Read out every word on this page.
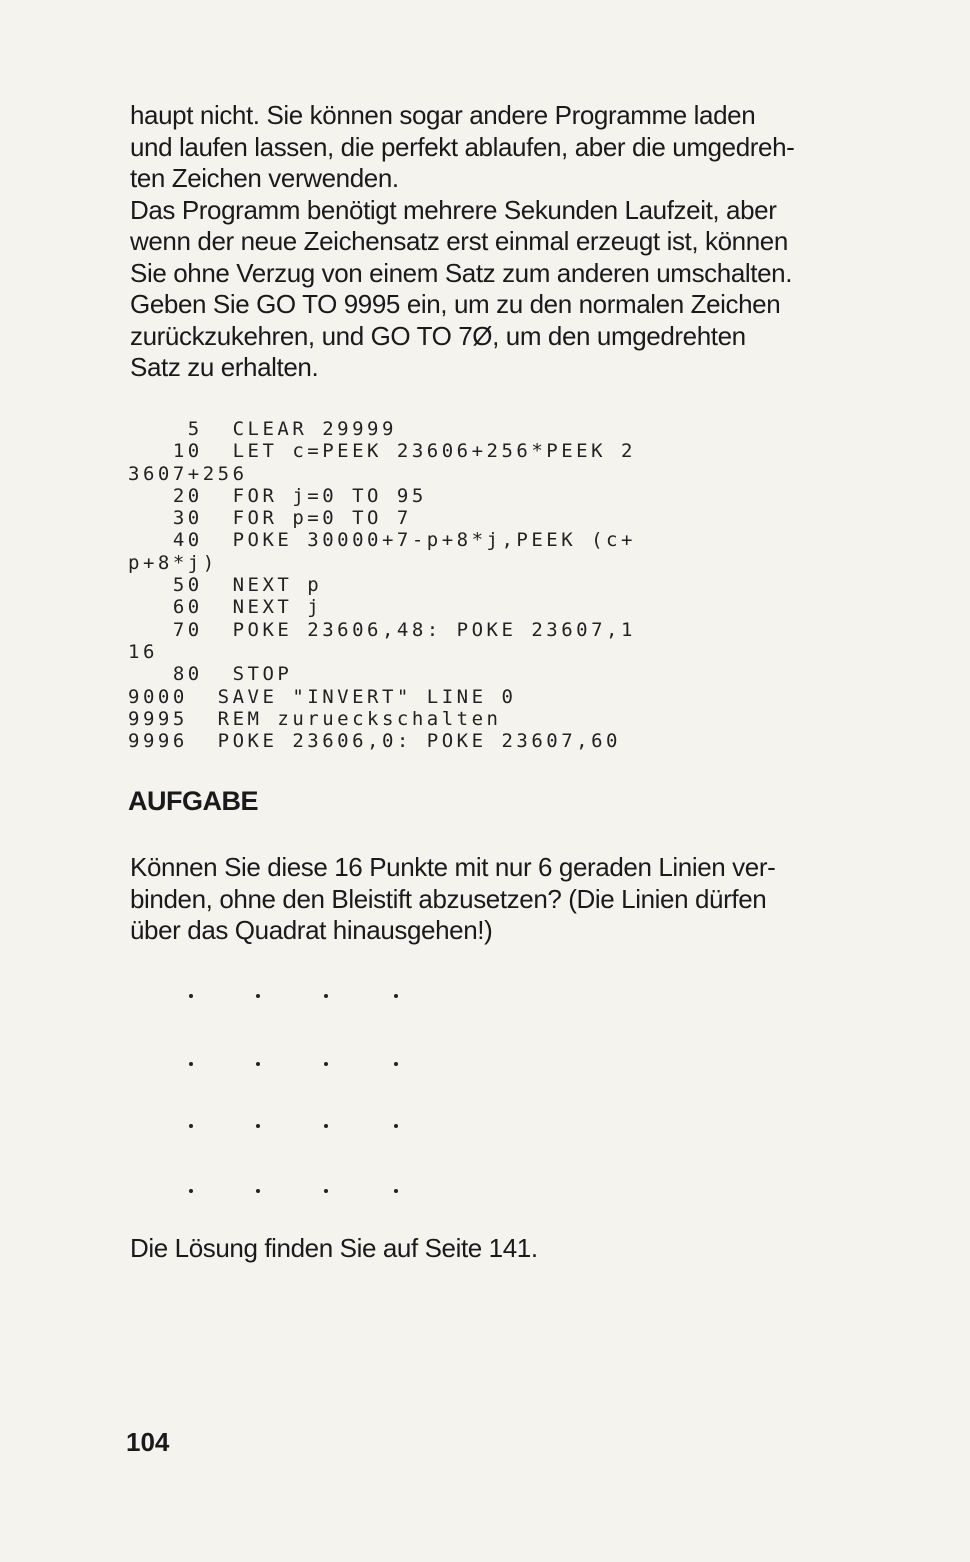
haupt nicht. Sie können sogar andere Programme laden
und laufen lassen, die perfekt ablaufen, aber die umgedreh-
ten Zeichen verwenden.
Das Programm benötigt mehrere Sekunden Laufzeit, aber
wenn der neue Zeichensatz erst einmal erzeugt ist, können
Sie ohne Verzug von einem Satz zum anderen umschalten.
Geben Sie GO TO 9995 ein, um zu den normalen Zeichen
zurückzukehren, und GO TO 7Ø, um den umgedrehten
Satz zu erhalten.

5  CLEAR 29999
10  LET c=PEEK 23606+256*PEEK 2
3607+256
20  FOR j=0 TO 95
30  FOR p=0 TO 7
40  POKE 30000+7-p+8*j,PEEK (c+
p+8*j)
50  NEXT p
60  NEXT j
70  POKE 23606,48: POKE 23607,1
16
80  STOP
9000  SAVE "INVERT" LINE 0
9995  REM zurueckschalten
9996  POKE 23606,0: POKE 23607,60
AUFGABE

Können Sie diese 16 Punkte mit nur 6 geraden Linien ver-
binden, ohne den Bleistift abzusetzen? (Die Linien dürfen
über das Quadrat hinausgehen!)

Die Lösung finden Sie auf Seite 141.

104
